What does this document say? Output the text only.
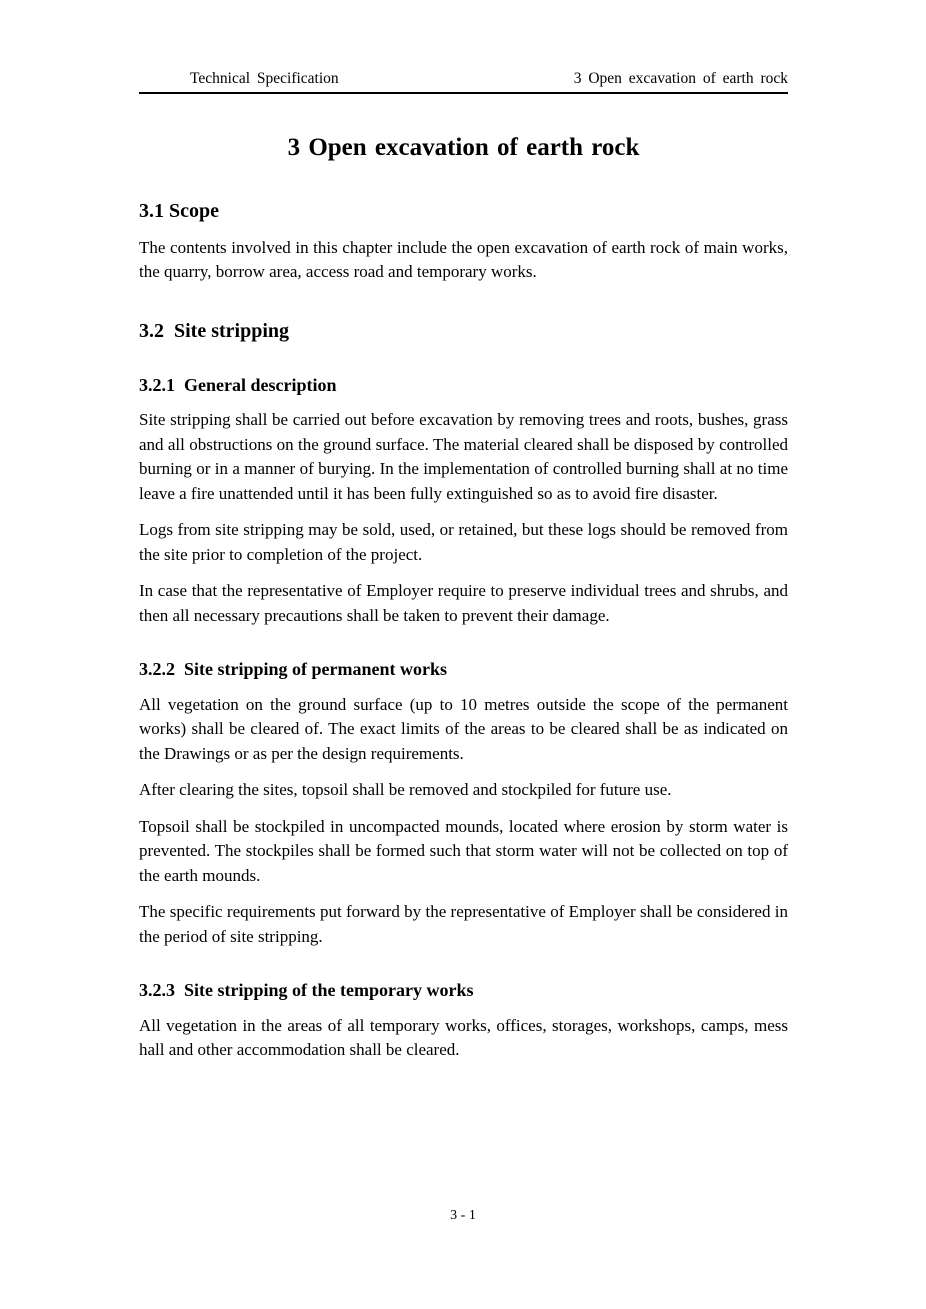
Technical Specification	3 Open excavation of earth rock
3 Open excavation of earth rock
3.1 Scope

The contents involved in this chapter include the open excavation of earth rock of main works, the quarry, borrow area, access road and temporary works.

3.2  Site stripping
3.2.1  General description

Site stripping shall be carried out before excavation by removing trees and roots, bushes, grass and all obstructions on the ground surface. The material cleared shall be disposed by controlled burning or in a manner of burying. In the implementation of controlled burning shall at no time leave a fire unattended until it has been fully extinguished so as to avoid fire disaster.

Logs from site stripping may be sold, used, or retained, but these logs should be removed from the site prior to completion of the project.

In case that the representative of Employer require to preserve individual trees and shrubs, and then all necessary precautions shall be taken to prevent their damage.

3.2.2  Site stripping of permanent works

All vegetation on the ground surface (up to 10 metres outside the scope of the permanent works) shall be cleared of. The exact limits of the areas to be cleared shall be as indicated on the Drawings or as per the design requirements.

After clearing the sites, topsoil shall be removed and stockpiled for future use.

Topsoil shall be stockpiled in uncompacted mounds, located where erosion by storm water is prevented. The stockpiles shall be formed such that storm water will not be collected on top of the earth mounds.

The specific requirements put forward by the representative of Employer shall be considered in the period of site stripping.

3.2.3  Site stripping of the temporary works

All vegetation in the areas of all temporary works, offices, storages, workshops, camps, mess hall and other accommodation shall be cleared.

3 - 1
